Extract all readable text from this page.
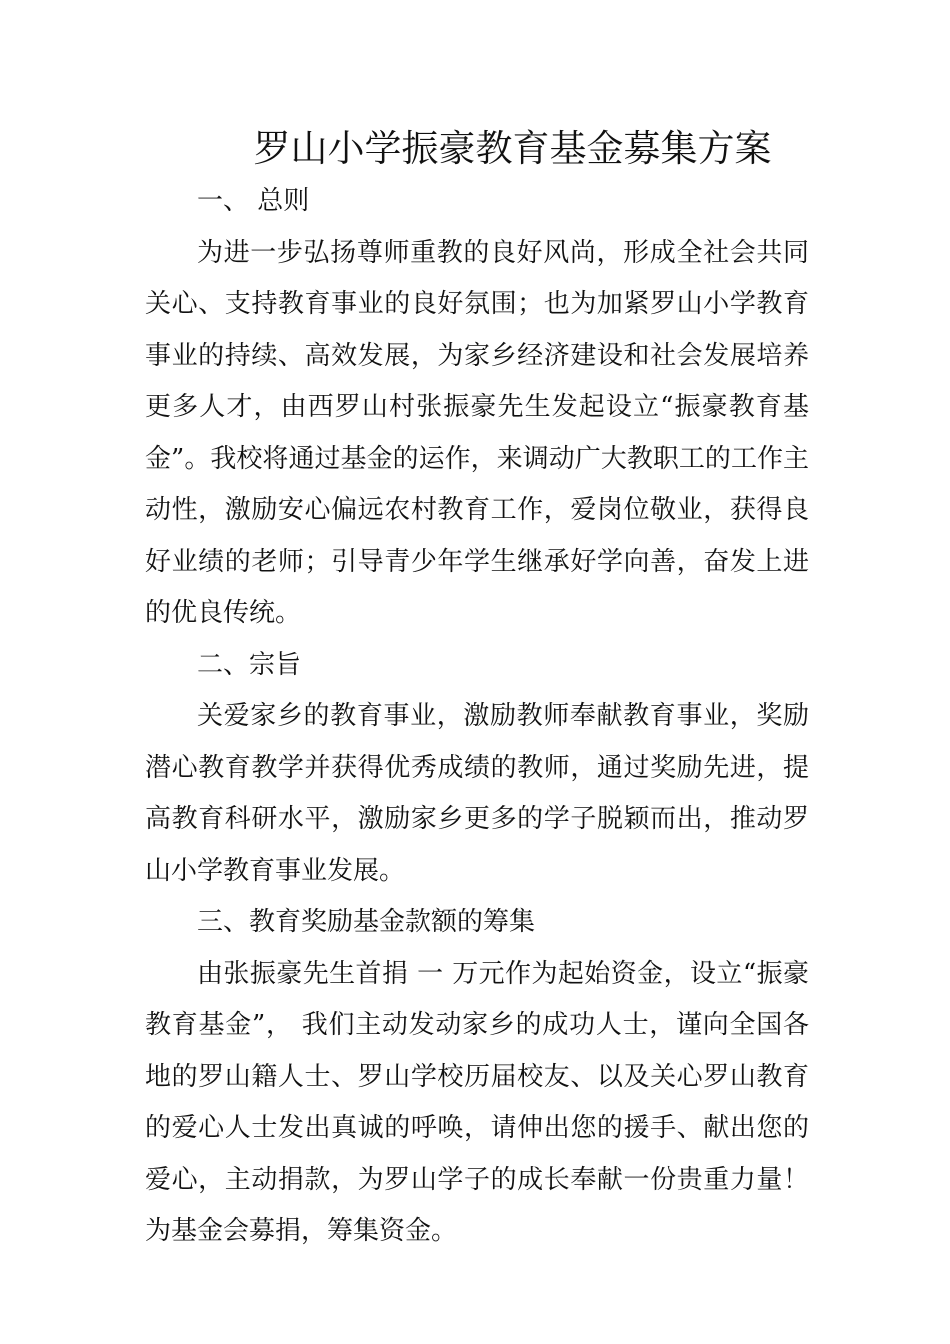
罗山小学振豪教育基金募集方案

一、 总则

为进一步弘扬尊师重教的良好风尚，形成全社会共同关心、支持教育事业的良好氛围；也为加紧罗山小学教育事业的持续、高效发展，为家乡经济建设和社会发展培养更多人才，由西罗山村张振豪先生发起设立“振豪教育基金”。我校将通过基金的运作，来调动广大教职工的工作主动性，激励安心偏远农村教育工作，爱岗位敬业，获得良好业绩的老师；引导青少年学生继承好学向善，奋发上进的优良传统。

二、宗旨

关爱家乡的教育事业，激励教师奉献教育事业，奖励潜心教育教学并获得优秀成绩的教师，通过奖励先进，提高教育科研水平，激励家乡更多的学子脱颖而出，推动罗山小学教育事业发展。

三、教育奖励基金款额的筹集

由张振豪先生首捐 一 万元作为起始资金，设立“振豪教育基金”， 我们主动发动家乡的成功人士，谨向全国各地的罗山籍人士、罗山学校历届校友、以及关心罗山教育的爱心人士发出真诚的呼唤，请伸出您的援手、献出您的爱心，主动捐款，为罗山学子的成长奉献一份贵重力量！为基金会募捐，筹集资金。
